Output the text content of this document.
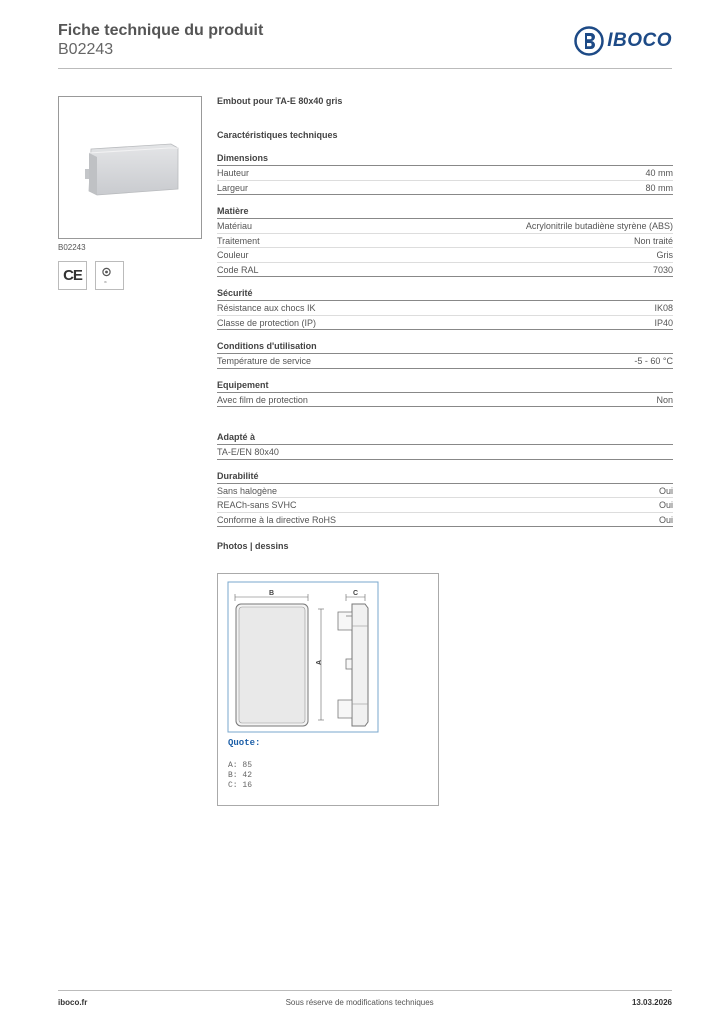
Fiche technique du produit
B02243	IBOCO
B02243
CE	IK
Embout pour TA-E 80x40 gris
Caractéristiques techniques
Dimensions
Hauteur	40 mm
Largeur	80 mm
Matière
Matériau	Acrylonitrile butadiène styrène (ABS)
Traitement	Non traité
Couleur	Gris
Code RAL	7030
Sécurité
Résistance aux chocs IK	IK08
Classe de protection (IP)	IP40
Conditions d'utilisation
Température de service	-5 - 60 °C
Equipement
Avec film de protection	Non
Adapté à
TA-E/EN 80x40
Durabilité
Sans halogène	Oui
REACh-sans SVHC	Oui
Conforme à la directive RoHS	Oui
Photos | dessins
B
A
C
Quote:
A: 85
B: 42
C: 16
iboco.fr	Sous réserve de modifications techniques	13.03.2026
